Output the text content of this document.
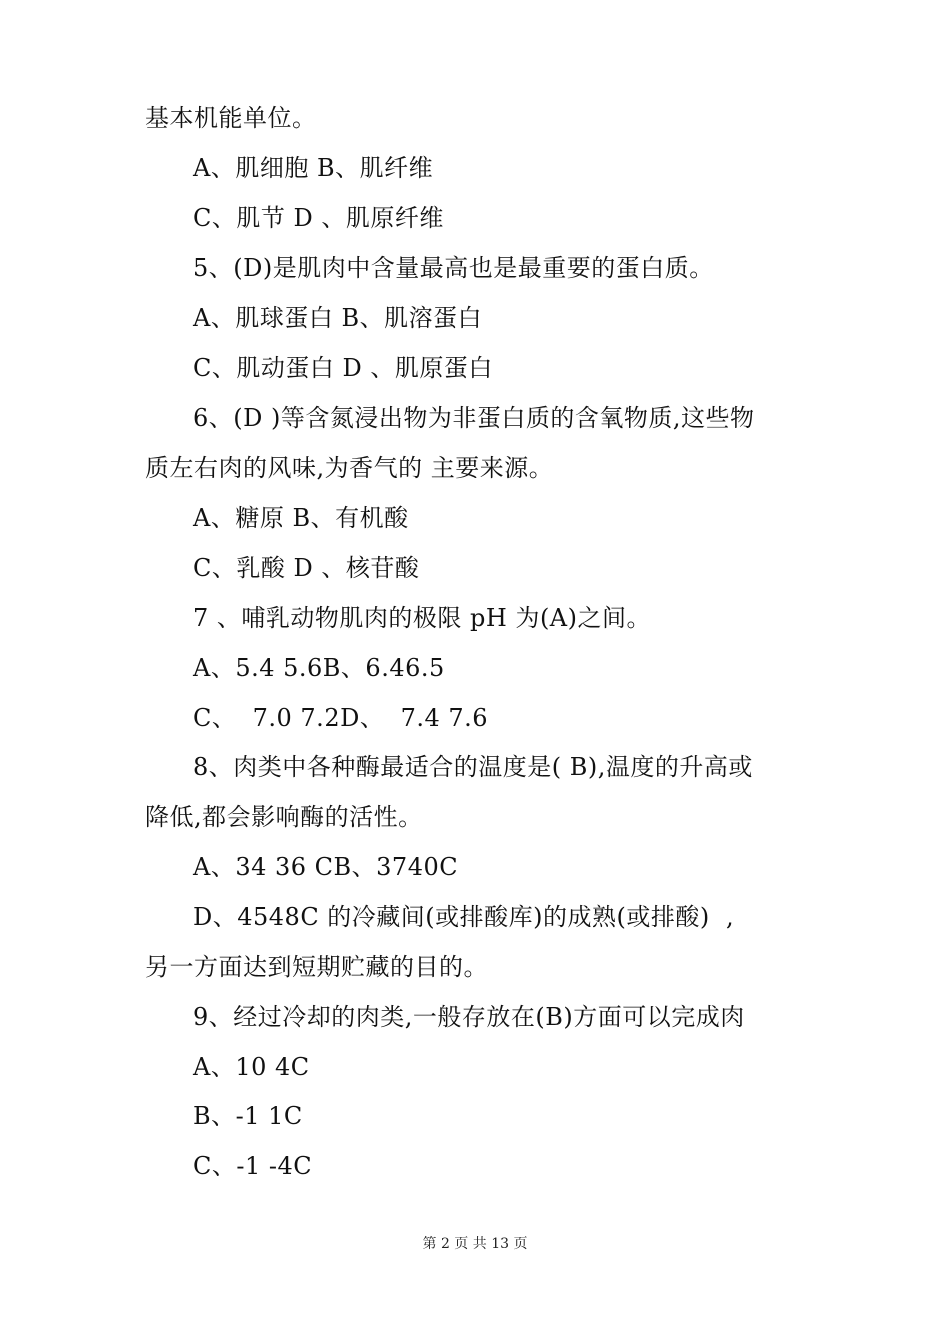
基本机能单位。
A、肌细胞 B、肌纤维
C、肌节 D 、肌原纤维
5、(D)是肌肉中含量最高也是最重要的蛋白质。
A、肌球蛋白 B、肌溶蛋白
C、肌动蛋白 D 、肌原蛋白
6、(D )等含氮浸出物为非蛋白质的含氧物质,这些物
质左右肉的风味,为香气的 主要来源。
A、糖原 B、有机酸
C、乳酸 D 、核苷酸
7 、哺乳动物肌肉的极限 pH 为(A)之间。
A、5.4 5.6B、6.46.5
C、  7.0 7.2D、  7.4 7.6
8、肉类中各种酶最适合的温度是( B),温度的升高或
降低,都会影响酶的活性。
A、34 36 CB、3740C
D、4548C 的冷藏间(或排酸库)的成熟(或排酸)  ,
另一方面达到短期贮藏的目的。
9、经过冷却的肉类,一般存放在(B)方面可以完成肉
A、10 4C
B、-1 1C
C、-1 -4C
第 2 页 共 13 页
